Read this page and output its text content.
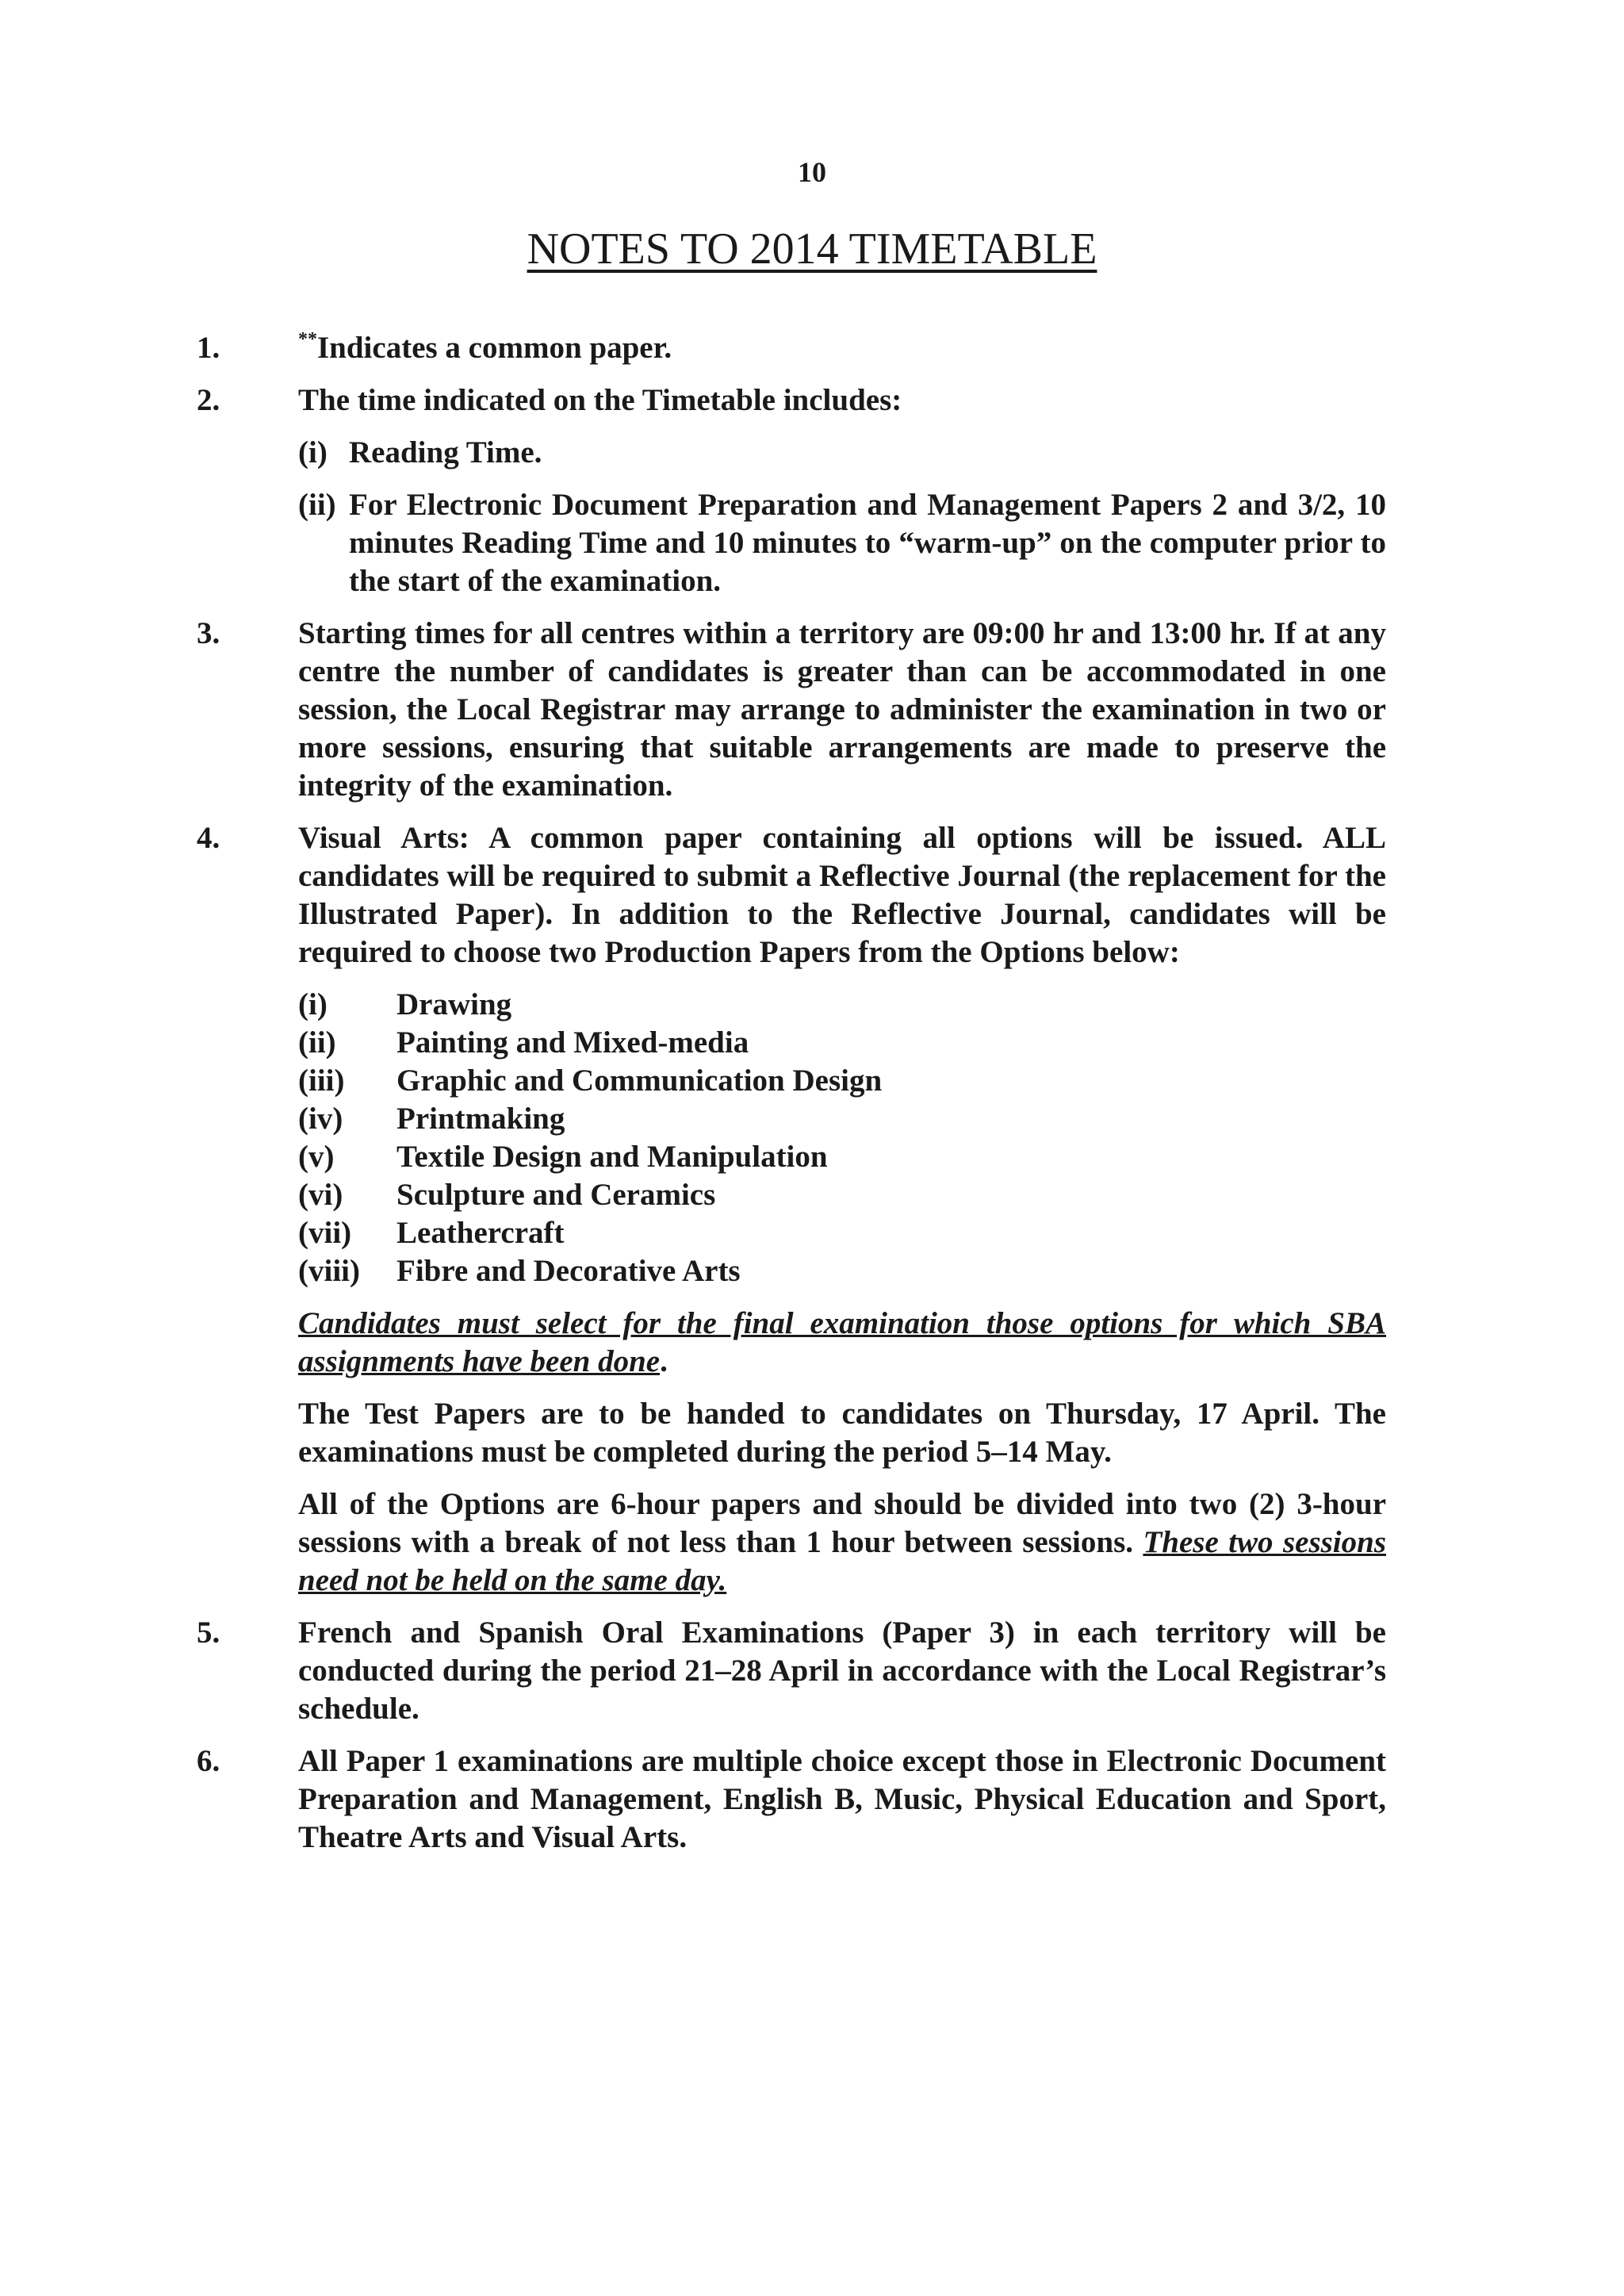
10
NOTES TO 2014 TIMETABLE
1.	**Indicates a common paper.

2.	The time indicated on the Timetable includes:

(i) Reading Time.
(ii) For Electronic Document Preparation and Management Papers 2 and 3/2, 10 minutes Reading Time and 10 minutes to “warm-up” on the computer prior to the start of the examination.
3.	Starting times for all centres within a territory are 09:00 hr and 13:00 hr. If at any centre the number of candidates is greater than can be accommodated in one session, the Local Registrar may arrange to administer the examination in two or more sessions, ensuring that suitable arrangements are made to preserve the integrity of the examination.

4.	Visual Arts: A common paper containing all options will be issued. ALL candidates will be required to submit a Reflective Journal (the replacement for the Illustrated Paper). In addition to the Reflective Journal, candidates will be required to choose two Production Papers from the Options below:

(i) Drawing
(ii) Painting and Mixed-media
(iii) Graphic and Communication Design
(iv) Printmaking
(v) Textile Design and Manipulation
(vi) Sculpture and Ceramics
(vii) Leathercraft
(viii) Fibre and Decorative Arts

Candidates must select for the final examination those options for which SBA assignments have been done.

The Test Papers are to be handed to candidates on Thursday, 17 April. The examinations must be completed during the period 5–14 May.

All of the Options are 6-hour papers and should be divided into two (2) 3-hour sessions with a break of not less than 1 hour between sessions. These two sessions need not be held on the same day.

5.	French and Spanish Oral Examinations (Paper 3) in each territory will be conducted during the period 21–28 April in accordance with the Local Registrar’s schedule.

6.	All Paper 1 examinations are multiple choice except those in Electronic Document Preparation and Management, English B, Music, Physical Education and Sport, Theatre Arts and Visual Arts.
